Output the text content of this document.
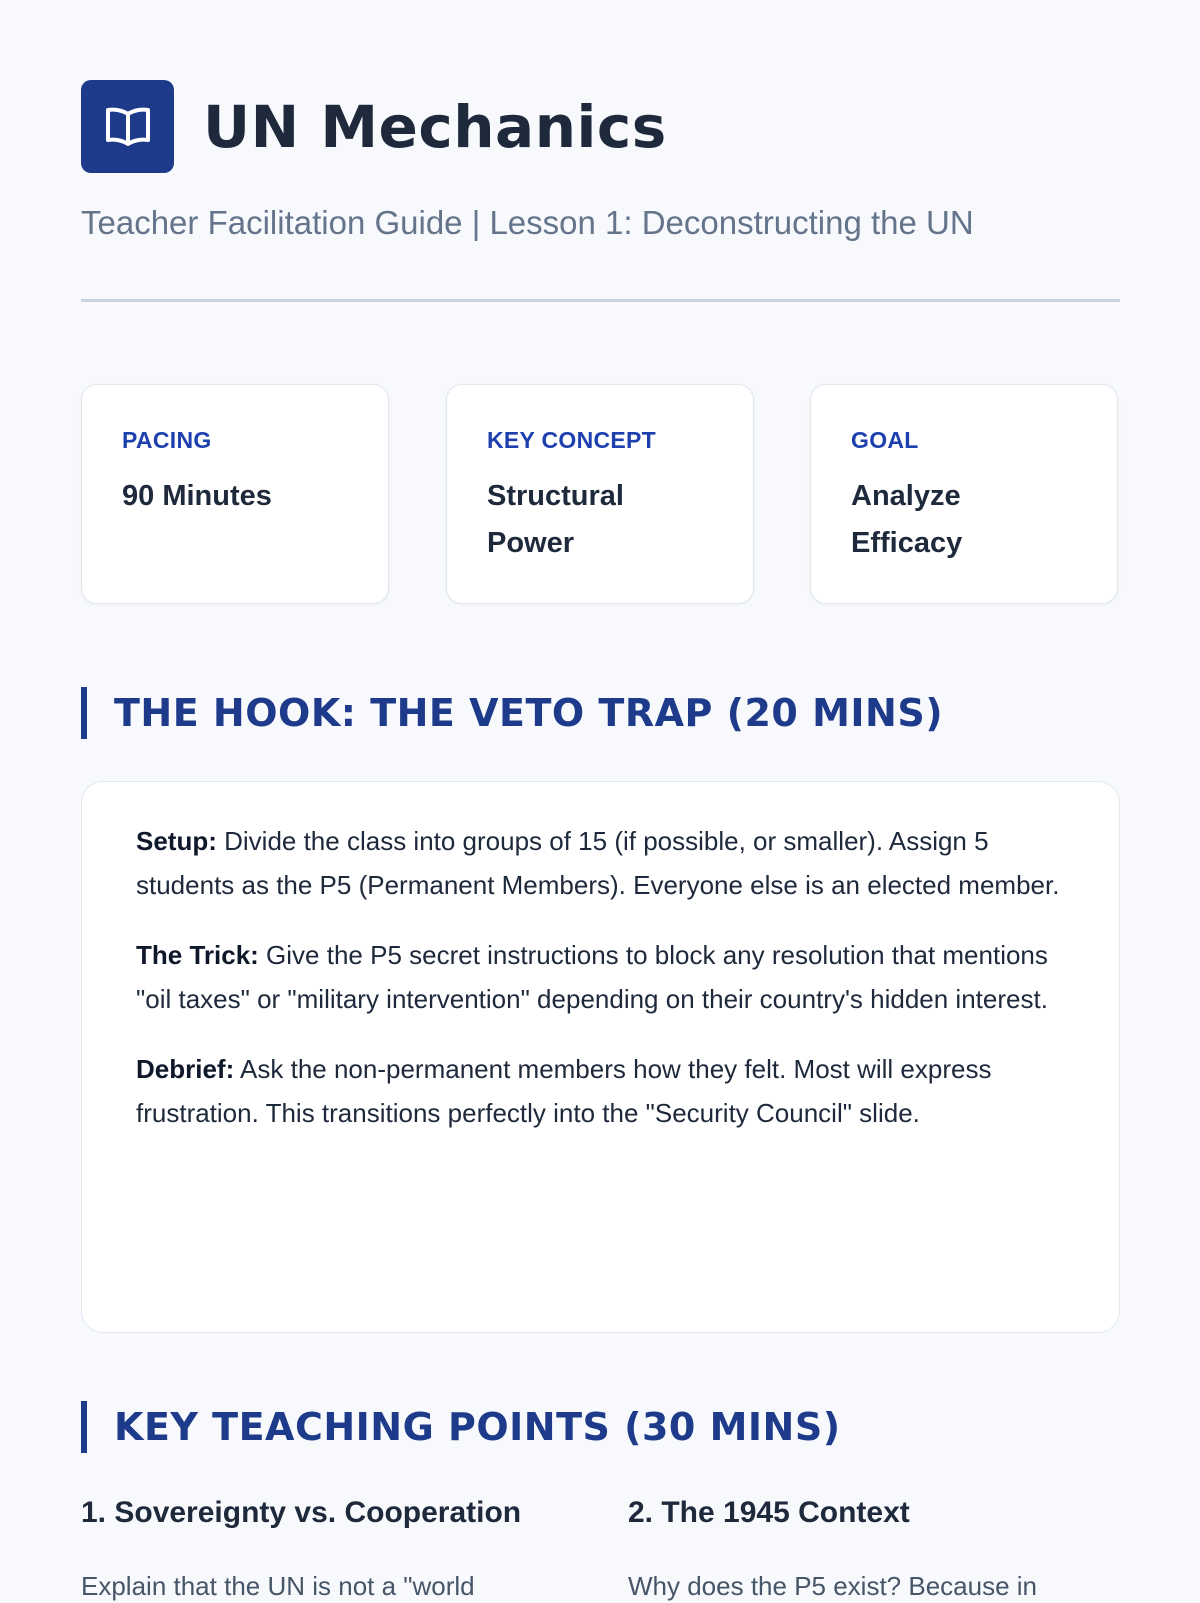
UN Mechanics
Teacher Facilitation Guide | Lesson 1: Deconstructing the UN
PACING
90 Minutes
KEY CONCEPT
Structural Power
GOAL
Analyze Efficacy
THE HOOK: THE VETO TRAP (20 MINS)

Setup: Divide the class into groups of 15 (if possible, or smaller). Assign 5 students as the P5 (Permanent Members). Everyone else is an elected member.

The Trick: Give the P5 secret instructions to block any resolution that mentions "oil taxes" or "military intervention" depending on their country's hidden interest.

Debrief: Ask the non-permanent members how they felt. Most will express frustration. This transitions perfectly into the "Security Council" slide.

KEY TEACHING POINTS (30 MINS)
1. Sovereignty vs. Cooperation
Explain that the UN is not a "world
2. The 1945 Context
Why does the P5 exist? Because in
